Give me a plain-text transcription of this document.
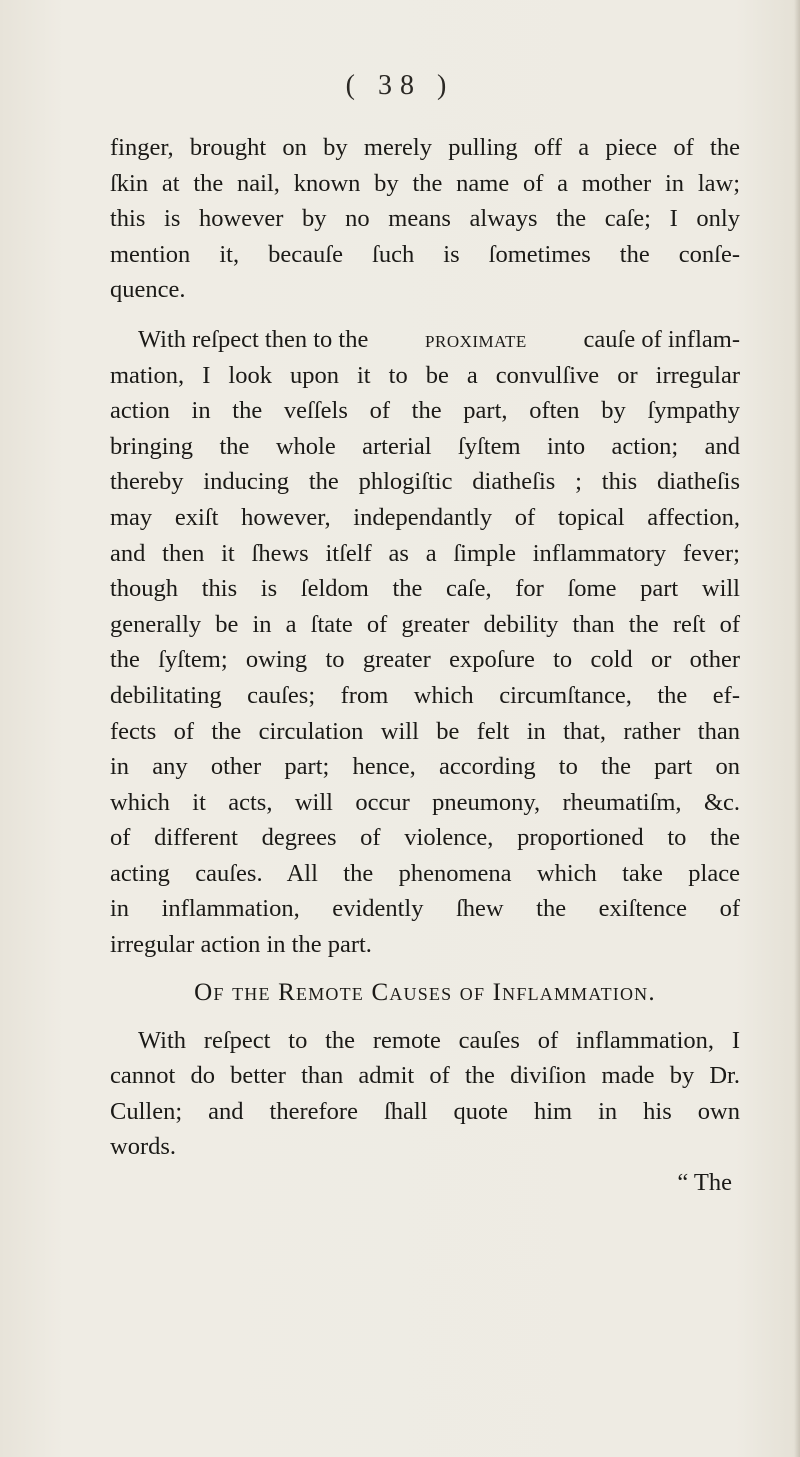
( 38 )
finger, brought on by merely pulling off a piece of the
ſkin at the nail, known by the name of a mother in law;
this is however by no means always the caſe; I only
mention it, becauſe ſuch is ſometimes the conſe-
quence.
With reſpect then to the proximate cauſe of inflam-
mation, I look upon it to be a convulſive or irregular
action in the veſſels of the part, often by ſympathy
bringing the whole arterial ſyſtem into action; and
thereby inducing the phlogiſtic diatheſis ; this diatheſis
may exiſt however, independantly of topical affection,
and then it ſhews itſelf as a ſimple inflammatory fever;
though this is ſeldom the caſe, for ſome part will
generally be in a ſtate of greater debility than the reſt of
the ſyſtem; owing to greater expoſure to cold or other
debilitating cauſes; from which circumſtance, the ef-
fects of the circulation will be felt in that, rather than
in any other part; hence, according to the part on
which it acts, will occur pneumony, rheumatiſm, &c.
of different degrees of violence, proportioned to the
acting cauſes. All the phenomena which take place
in inflammation, evidently ſhew the exiſtence of
irregular action in the part.
Of the Remote Causes of Inflammation.
With reſpect to the remote cauſes of inflammation, I
cannot do better than admit of the diviſion made by Dr.
Cullen; and therefore ſhall quote him in his own
words.
“ The
